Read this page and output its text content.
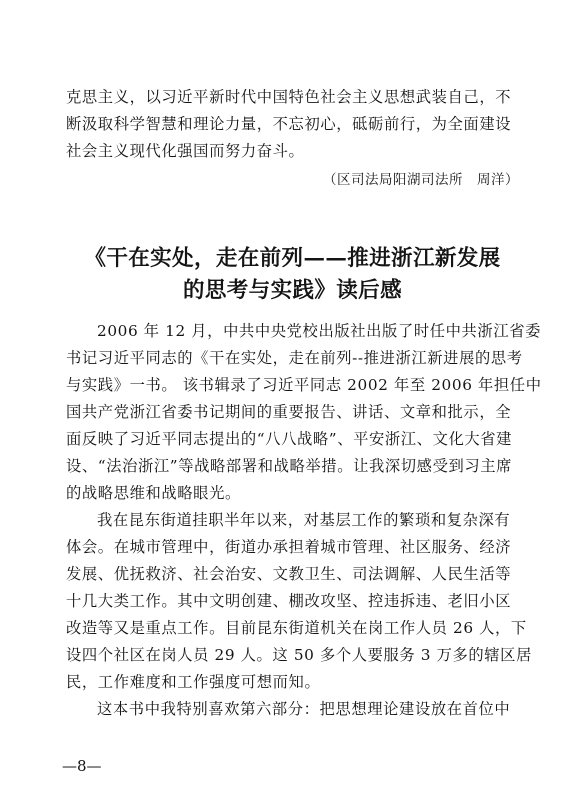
克思主义，以习近平新时代中国特色社会主义思想武装自己，不
断汲取科学智慧和理论力量，不忘初心，砥砺前行，为全面建设
社会主义现代化强国而努力奋斗。

（区司法局阳湖司法所　周洋）
《干在实处，走在前列——推进浙江新发展
的思考与实践》读后感

2006 年 12 月，中共中央党校出版社出版了时任中共浙江省委
书记习近平同志的《干在实处，走在前列--推进浙江新进展的思考
与实践》一书。 该书辑录了习近平同志 2002 年至 2006 年担任中
国共产党浙江省委书记期间的重要报告、讲话、文章和批示，全
面反映了习近平同志提出的“八八战略”、平安浙江、文化大省建
设、“法治浙江”等战略部署和战略举措。让我深切感受到习主席
的战略思维和战略眼光。

我在昆东街道挂职半年以来，对基层工作的繁琐和复杂深有
体会。在城市管理中，街道办承担着城市管理、社区服务、经济
发展、优抚救济、社会治安、文教卫生、司法调解、人民生活等
十几大类工作。其中文明创建、棚改攻坚、控违拆违、老旧小区
改造等又是重点工作。目前昆东街道机关在岗工作人员 26 人，下
设四个社区在岗人员 29 人。这 50 多个人要服务 3 万多的辖区居
民，工作难度和工作强度可想而知。

这本书中我特别喜欢第六部分：把思想理论建设放在首位中

—8—
